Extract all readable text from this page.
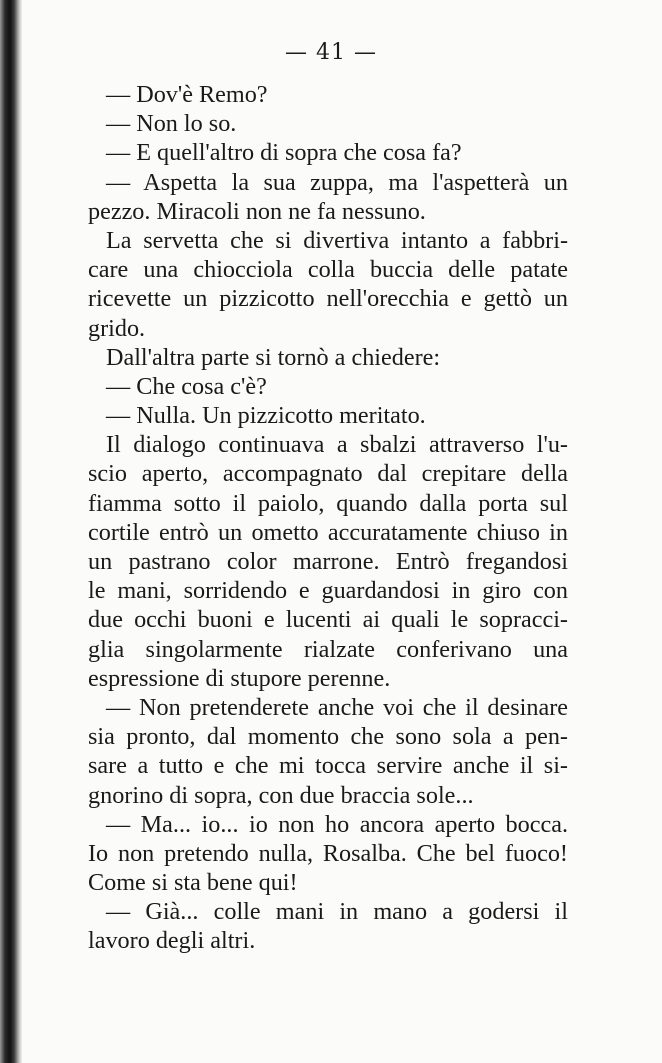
— 41 —
— Dov'è Remo?
— Non lo so.
— E quell'altro di sopra che cosa fa?
— Aspetta la sua zuppa, ma l'aspetterà un
pezzo. Miracoli non ne fa nessuno.
La servetta che si divertiva intanto a fabbri-
care una chiocciola colla buccia delle patate
ricevette un pizzicotto nell'orecchia e gettò un
grido.
Dall'altra parte si tornò a chiedere:
— Che cosa c'è?
— Nulla. Un pizzicotto meritato.
Il dialogo continuava a sbalzi attraverso l'u-
scio aperto, accompagnato dal crepitare della
fiamma sotto il paiolo, quando dalla porta sul
cortile entrò un ometto accuratamente chiuso in
un pastrano color marrone. Entrò fregandosi
le mani, sorridendo e guardandosi in giro con
due occhi buoni e lucenti ai quali le sopracci-
glia singolarmente rialzate conferivano una
espressione di stupore perenne.
— Non pretenderete anche voi che il desinare
sia pronto, dal momento che sono sola a pen-
sare a tutto e che mi tocca servire anche il si-
gnorino di sopra, con due braccia sole...
— Ma... io... io non ho ancora aperto bocca.
Io non pretendo nulla, Rosalba. Che bel fuoco!
Come si sta bene qui!
— Già... colle mani in mano a godersi il
lavoro degli altri.
